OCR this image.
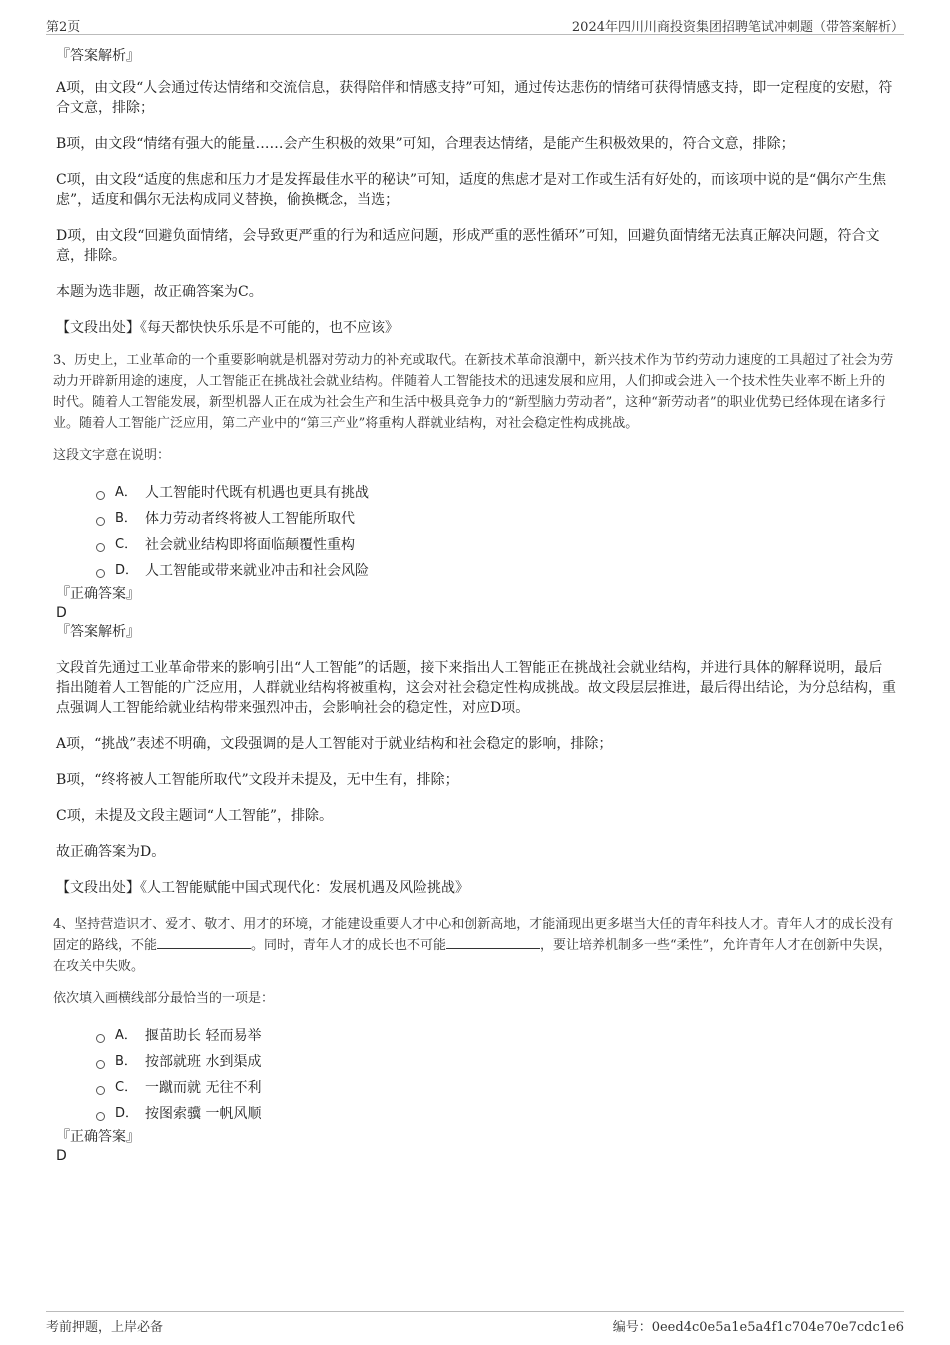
第2页	2024年四川川商投资集团招聘笔试冲刺题（带答案解析）

『答案解析』

A项，由文段“人会通过传达情绪和交流信息，获得陪伴和情感支持”可知，通过传达悲伤的情绪可获得情感支持，即一定程度的安慰，符合文意，排除；

B项，由文段“情绪有强大的能量……会产生积极的效果”可知，合理表达情绪，是能产生积极效果的，符合文意，排除；

C项，由文段“适度的焦虑和压力才是发挥最佳水平的秘诀”可知，适度的焦虑才是对工作或生活有好处的，而该项中说的是“偶尔产生焦虑”，适度和偶尔无法构成同义替换，偷换概念，当选；

D项，由文段“回避负面情绪，会导致更严重的行为和适应问题，形成严重的恶性循环”可知，回避负面情绪无法真正解决问题，符合文意，排除。

本题为选非题，故正确答案为C。

【文段出处】《每天都快快乐乐是不可能的，也不应该》

3、历史上，工业革命的一个重要影响就是机器对劳动力的补充或取代。在新技术革命浪潮中，新兴技术作为节约劳动力速度的工具超过了社会为劳动力开辟新用途的速度，人工智能正在挑战社会就业结构。伴随着人工智能技术的迅速发展和应用，人们抑或会进入一个技术性失业率不断上升的时代。随着人工智能发展，新型机器人正在成为社会生产和生活中极具竞争力的“新型脑力劳动者”，这种“新劳动者”的职业优势已经体现在诸多行业。随着人工智能广泛应用，第二产业中的“第三产业”将重构人群就业结构，对社会稳定性构成挑战。

这段文字意在说明：

A． 人工智能时代既有机遇也更具有挑战
B． 体力劳动者终将被人工智能所取代
C． 社会就业结构即将面临颠覆性重构
D． 人工智能或带来就业冲击和社会风险

『正确答案』

D

『答案解析』

文段首先通过工业革命带来的影响引出“人工智能”的话题，接下来指出人工智能正在挑战社会就业结构，并进行具体的解释说明，最后指出随着人工智能的广泛应用，人群就业结构将被重构，这会对社会稳定性构成挑战。故文段层层推进，最后得出结论，为分总结构，重点强调人工智能给就业结构带来强烈冲击，会影响社会的稳定性，对应D项。

A项，“挑战”表述不明确，文段强调的是人工智能对于就业结构和社会稳定的影响，排除；

B项，“终将被人工智能所取代”文段并未提及，无中生有，排除；

C项，未提及文段主题词“人工智能”，排除。

故正确答案为D。

【文段出处】《人工智能赋能中国式现代化：发展机遇及风险挑战》

4、坚持营造识才、爱才、敬才、用才的环境，才能建设重要人才中心和创新高地，才能涌现出更多堪当大任的青年科技人才。青年人才的成长没有固定的路线，不能	。同时，青年人才的成长也不可能	，要让培养机制多一些“柔性”，允许青年人才在创新中失误，在攻关中失败。

依次填入画横线部分最恰当的一项是：

A． 揠苗助长 轻而易举
B． 按部就班 水到渠成
C． 一蹴而就 无往不利
D． 按图索骥 一帆风顺

『正确答案』

D

考前押题，上岸必备	编号：0eed4c0e5a1e5a4f1c704e70e7cdc1e6
